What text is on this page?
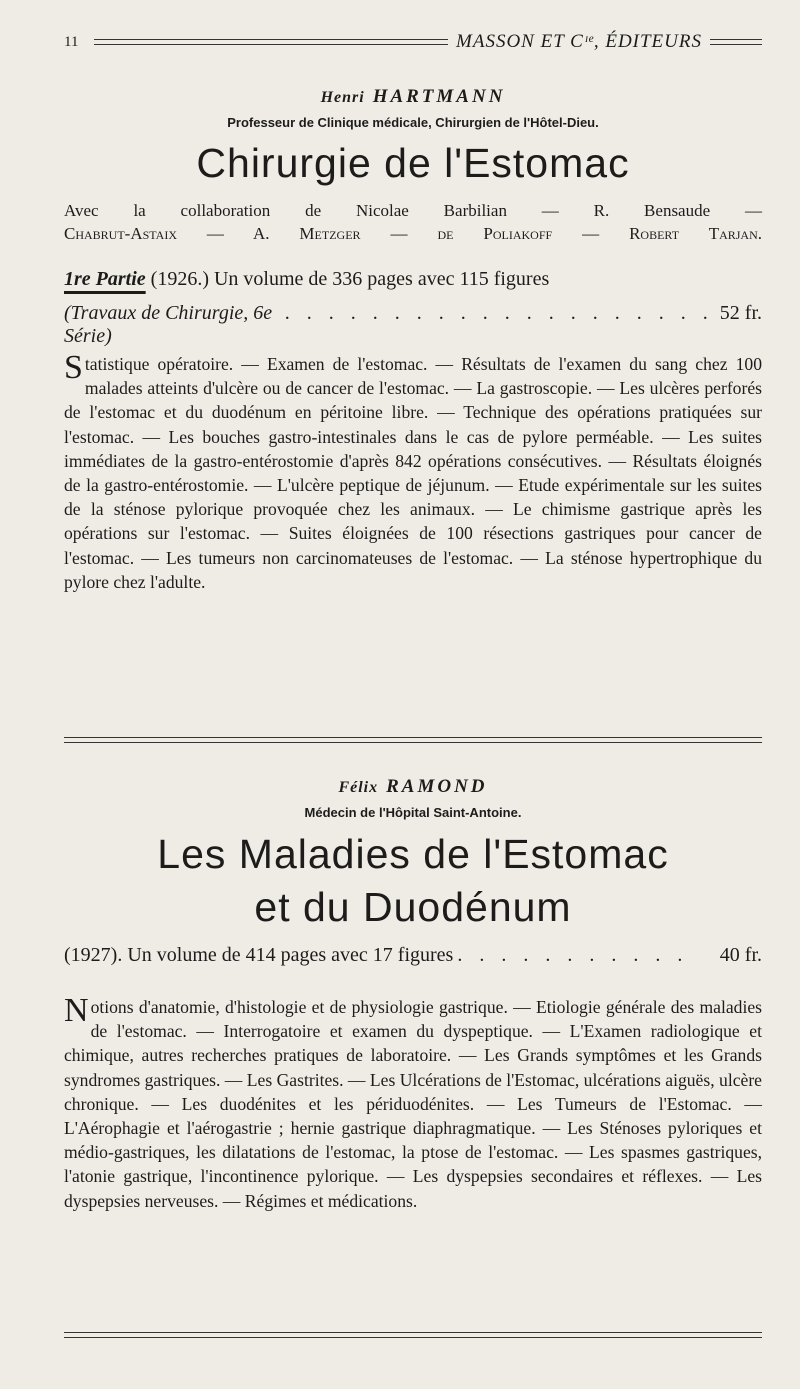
11	MASSON ET Cᶦᵉ, ÉDITEURS
Henri HARTMANN
Professeur de Clinique médicale, Chirurgien de l'Hôtel-Dieu.
Chirurgie de l'Estomac
Avec la collaboration de Nicolae Barbilian — R. Bensaude —
Chabrut-Astaix — A. Metzger — de Poliakoff — Robert Tarjan.
1re Partie (1926.) Un volume de 336 pages avec 115 figures
(Travaux de Chirurgie, 6e Série)
. . . . . . . . . . . . . . . . . . . . 52 fr.
Statistique opératoire. — Examen de l'estomac. — Résultats de l'examen du sang chez 100 malades atteints d'ulcère ou de cancer de l'estomac. — La gastroscopie. — Les ulcères perforés de l'estomac et du duodénum en péritoine libre. — Technique des opérations pratiquées sur l'estomac. — Les bouches gastro-intestinales dans le cas de pylore perméable. — Les suites immédiates de la gastro-entérostomie d'après 842 opérations consécutives. — Résultats éloignés de la gastro-entérostomie. — L'ulcère peptique de jéjunum. — Etude expérimentale sur les suites de la sténose pylorique provoquée chez les animaux. — Le chimisme gastrique après les opérations sur l'estomac. — Suites éloignées de 100 résections gastriques pour cancer de l'estomac. — Les tumeurs non carcinomateuses de l'estomac. — La sténose hypertrophique du pylore chez l'adulte.
Félix RAMOND
Médecin de l'Hôpital Saint-Antoine.
Les Maladies de l'Estomac
et du Duodénum
(1927). Un volume de 414 pages avec 17 figures . . . . . . . . . . .	40 fr.
Notions d'anatomie, d'histologie et de physiologie gastrique. — Etiologie générale des maladies de l'estomac. — Interrogatoire et examen du dyspeptique. — L'Examen radiologique et chimique, autres recherches pratiques de laboratoire. — Les Grands symptômes et les Grands syndromes gastriques. — Les Gastrites. — Les Ulcérations de l'Estomac, ulcérations aiguës, ulcère chronique. — Les duodénites et les périduodénites. — Les Tumeurs de l'Estomac. — L'Aérophagie et l'aérogastrie ; hernie gastrique diaphragmatique. — Les Sténoses pyloriques et médio-gastriques, les dilatations de l'estomac, la ptose de l'estomac. — Les spasmes gastriques, l'atonie gastrique, l'incontinence pylorique. — Les dyspepsies secondaires et réflexes. — Les dyspepsies nerveuses. — Régimes et médications.
